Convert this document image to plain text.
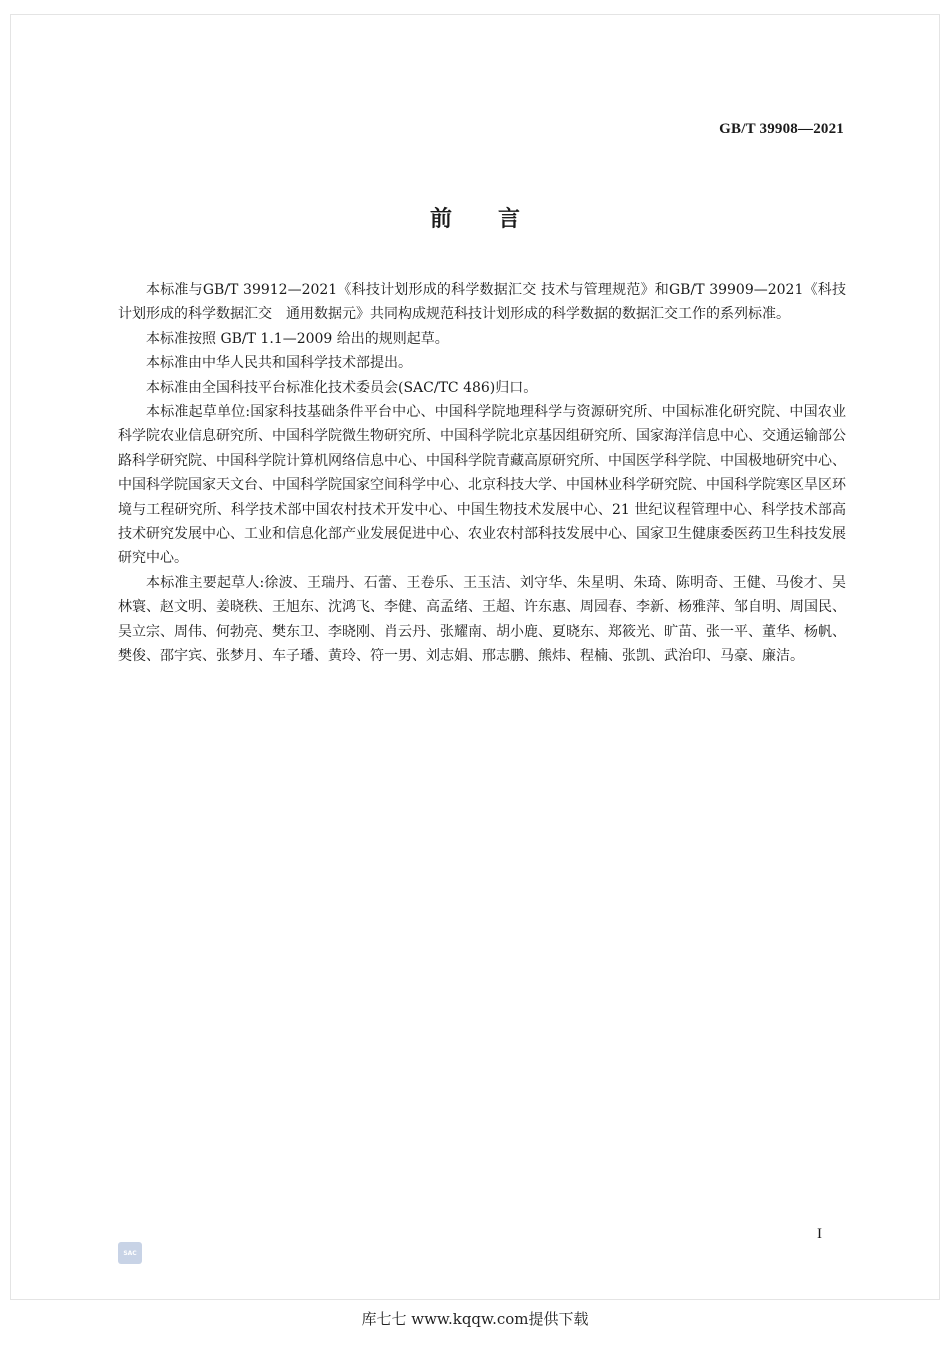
GB/T 39908—2021
前言

本标准与GB/T 39912—2021《科技计划形成的科学数据汇交 技术与管理规范》和GB/T 39909—2021《科技计划形成的科学数据汇交　通用数据元》共同构成规范科技计划形成的科学数据的数据汇交工作的系列标准。

本标准按照 GB/T 1.1—2009 给出的规则起草。

本标准由中华人民共和国科学技术部提出。

本标准由全国科技平台标准化技术委员会(SAC/TC 486)归口。

本标准起草单位:国家科技基础条件平台中心、中国科学院地理科学与资源研究所、中国标准化研究院、中国农业科学院农业信息研究所、中国科学院微生物研究所、中国科学院北京基因组研究所、国家海洋信息中心、交通运输部公路科学研究院、中国科学院计算机网络信息中心、中国科学院青藏高原研究所、中国医学科学院、中国极地研究中心、中国科学院国家天文台、中国科学院国家空间科学中心、北京科技大学、中国林业科学研究院、中国科学院寒区旱区环境与工程研究所、科学技术部中国农村技术开发中心、中国生物技术发展中心、21 世纪议程管理中心、科学技术部高技术研究发展中心、工业和信息化部产业发展促进中心、农业农村部科技发展中心、国家卫生健康委医药卫生科技发展研究中心。

本标准主要起草人:徐波、王瑞丹、石蕾、王卷乐、王玉洁、刘守华、朱星明、朱琦、陈明奇、王健、马俊才、吴林寰、赵文明、姜晓秩、王旭东、沈鸿飞、李健、高孟绪、王超、许东惠、周园春、李新、杨雅萍、邹自明、周国民、吴立宗、周伟、何勃亮、樊东卫、李晓刚、肖云丹、张耀南、胡小鹿、夏晓东、郑筱光、旷苗、张一平、董华、杨帆、樊俊、邵宇宾、张梦月、车子璠、黄玲、符一男、刘志娟、邢志鹏、熊炜、程楠、张凯、武治印、马豪、廉洁。

I
SAC
库七七 www.kqqw.com提供下载
